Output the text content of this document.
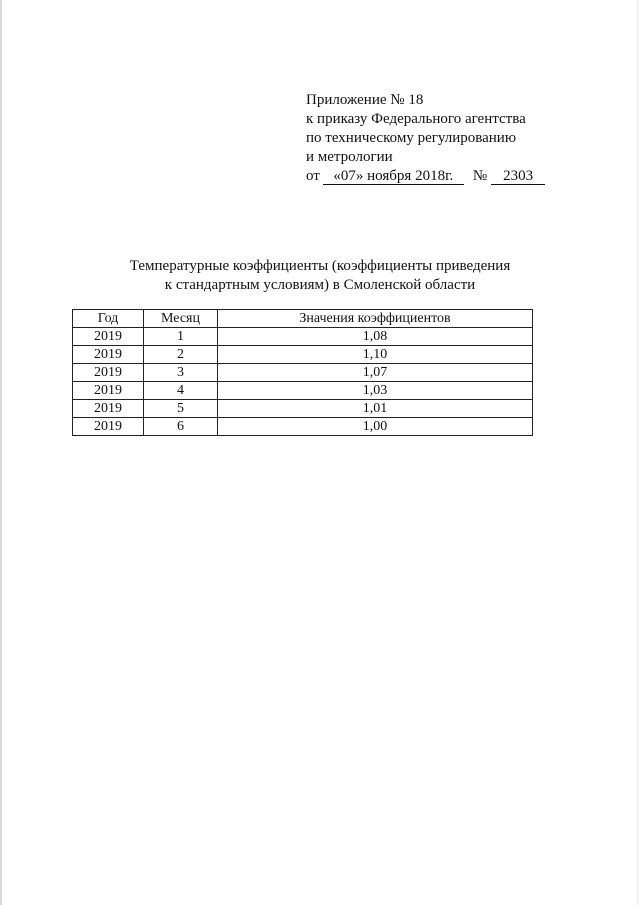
Приложение № 18
к приказу Федерального агентства
по техническому регулированию
и метрологии
от «07» ноября 2018г. № 2303
Температурные коэффициенты (коэффициенты приведения
к стандартным условиям) в Смоленской области
Год	Месяц	Значения коэффициентов
2019	1	1,08
2019	2	1,10
2019	3	1,07
2019	4	1,03
2019	5	1,01
2019	6	1,00
